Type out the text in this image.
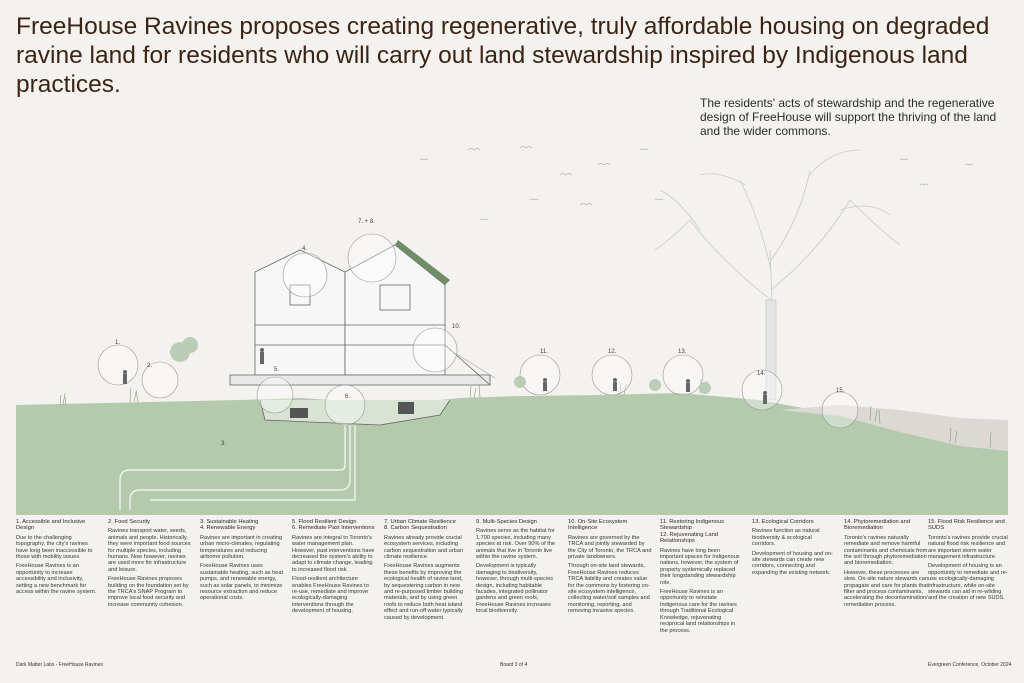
FreeHouse Ravines proposes creating regenerative, truly affordable housing on degraded ravine land for residents who will carry out land stewardship inspired by Indigenous land practices.
The residents' acts of stewardship and the regenerative design of FreeHouse will support the thriving of the land and the wider commons.
1.
2.
3.
4.
5.
6.
7. + 8.
10.
11.	12.	13.
14.
15.
1. Accessible and Inclusive Design

Due to the challenging topography, the city's ravines have long been inaccessible to those with mobility issues.

FreeHouse Ravines is an opportunity to increase accessibility and inclusivity, setting a new benchmark for access within the ravine system.

2. Food Security

Ravines transport water, seeds, animals and people. Historically, they were important food sources for multiple species, including humans. Now however, ravines are used more for infrastructure and leisure.

FreeHouse Ravines proposes building on the foundation set by the TRCA's SNAP Program to improve local food security and increase community cohesion.

3. Sustainable Heating
4. Renewable Energy

Ravines are important in creating urban micro-climates, regulating temperatures and reducing airborne pollution.

FreeHouse Ravines uses sustainable heating, such as heat pumps, and renewable energy, such as solar panels, to minimize resource extraction and reduce operational costs.

5. Flood Resilient Design
6. Remediate Past Interventions

Ravines are integral to Toronto's water management plan. However, past interventions have decreased the system's ability to adapt to climate change, leading to increased flood risk.

Flood-resilient architecture enables FreeHouse Ravines to re-use, remediate and improve ecologically-damaging interventions through the development of housing.

7. Urban Climate Resilience
8. Carbon Sequestration

Ravines already provide crucial ecosystem services, including carbon sequestration and urban climate resilience.

FreeHouse Ravines augments these benefits by improving the ecological health of ravine land, by sequestering carbon in new and re-purposed timber building materials, and by using green roofs to reduce both heat island effect and run-off water typically caused by development.

9. Multi-Species Design

Ravines serve as the habitat for 1,700 species, including many species at risk. Over 90% of the animals that live in Toronto live within the ravine system.

Development is typically damaging to biodiversity, however, through multi-species design, including habitable facades, integrated pollinator gardens and green roofs, FreeHouse Ravines increases local biodiversity.

10. On-Site Ecosystem Intelligence

Ravines are governed by the TRCA and jointly stewarded by the City of Toronto, the TRCA and private landowners.

Through on-site land stewards, FreeHouse Ravines reduces TRCA liability and creates value for the commons by fostering on-site ecosystem intelligence, collecting water/soil samples and monitoring, reporting, and removing invasive species.

11. Restoring Indigenous Stewardship
12. Rejuvenating Land Relationships

Ravines have long been important spaces for Indigenous nations, however, the system of property systemically replaced their longstanding stewardship role.

FreeHouse Ravines is an opportunity to reinstate Indigenous care for the ravines through Traditional Ecological Knowledge, rejuvenating reciprocal land relationships in the process.

13. Ecological Corridors

Ravines function as natural biodiversity & ecological corridors.

Development of housing and on-site stewards can create new corridors, connecting and expanding the existing network.

14. Phytoremediation and Bioremediation

Toronto's ravines naturally remediate and remove harmful contaminants and chemicals from the soil through phytoremediation and bioremediation.

However, these processes are slow. On-site nature stewards can propagate and care for plants that filter and process contaminants, accelerating the decontamination/ remediation process.

15. Flood Risk Resilience and SUDS

Toronto's ravines provide crucial natural flood risk resilience and are important storm water management infrastructure.

Development of housing is an opportunity to remediate and re-use ecologically-damaging infrastructure, while on-site stewards can aid in re-wilding and the creation of new SUDS.

Dark Matter Labs - FreeHouse Ravines	Board 3 of 4	Evergreen Conference, October 2024
